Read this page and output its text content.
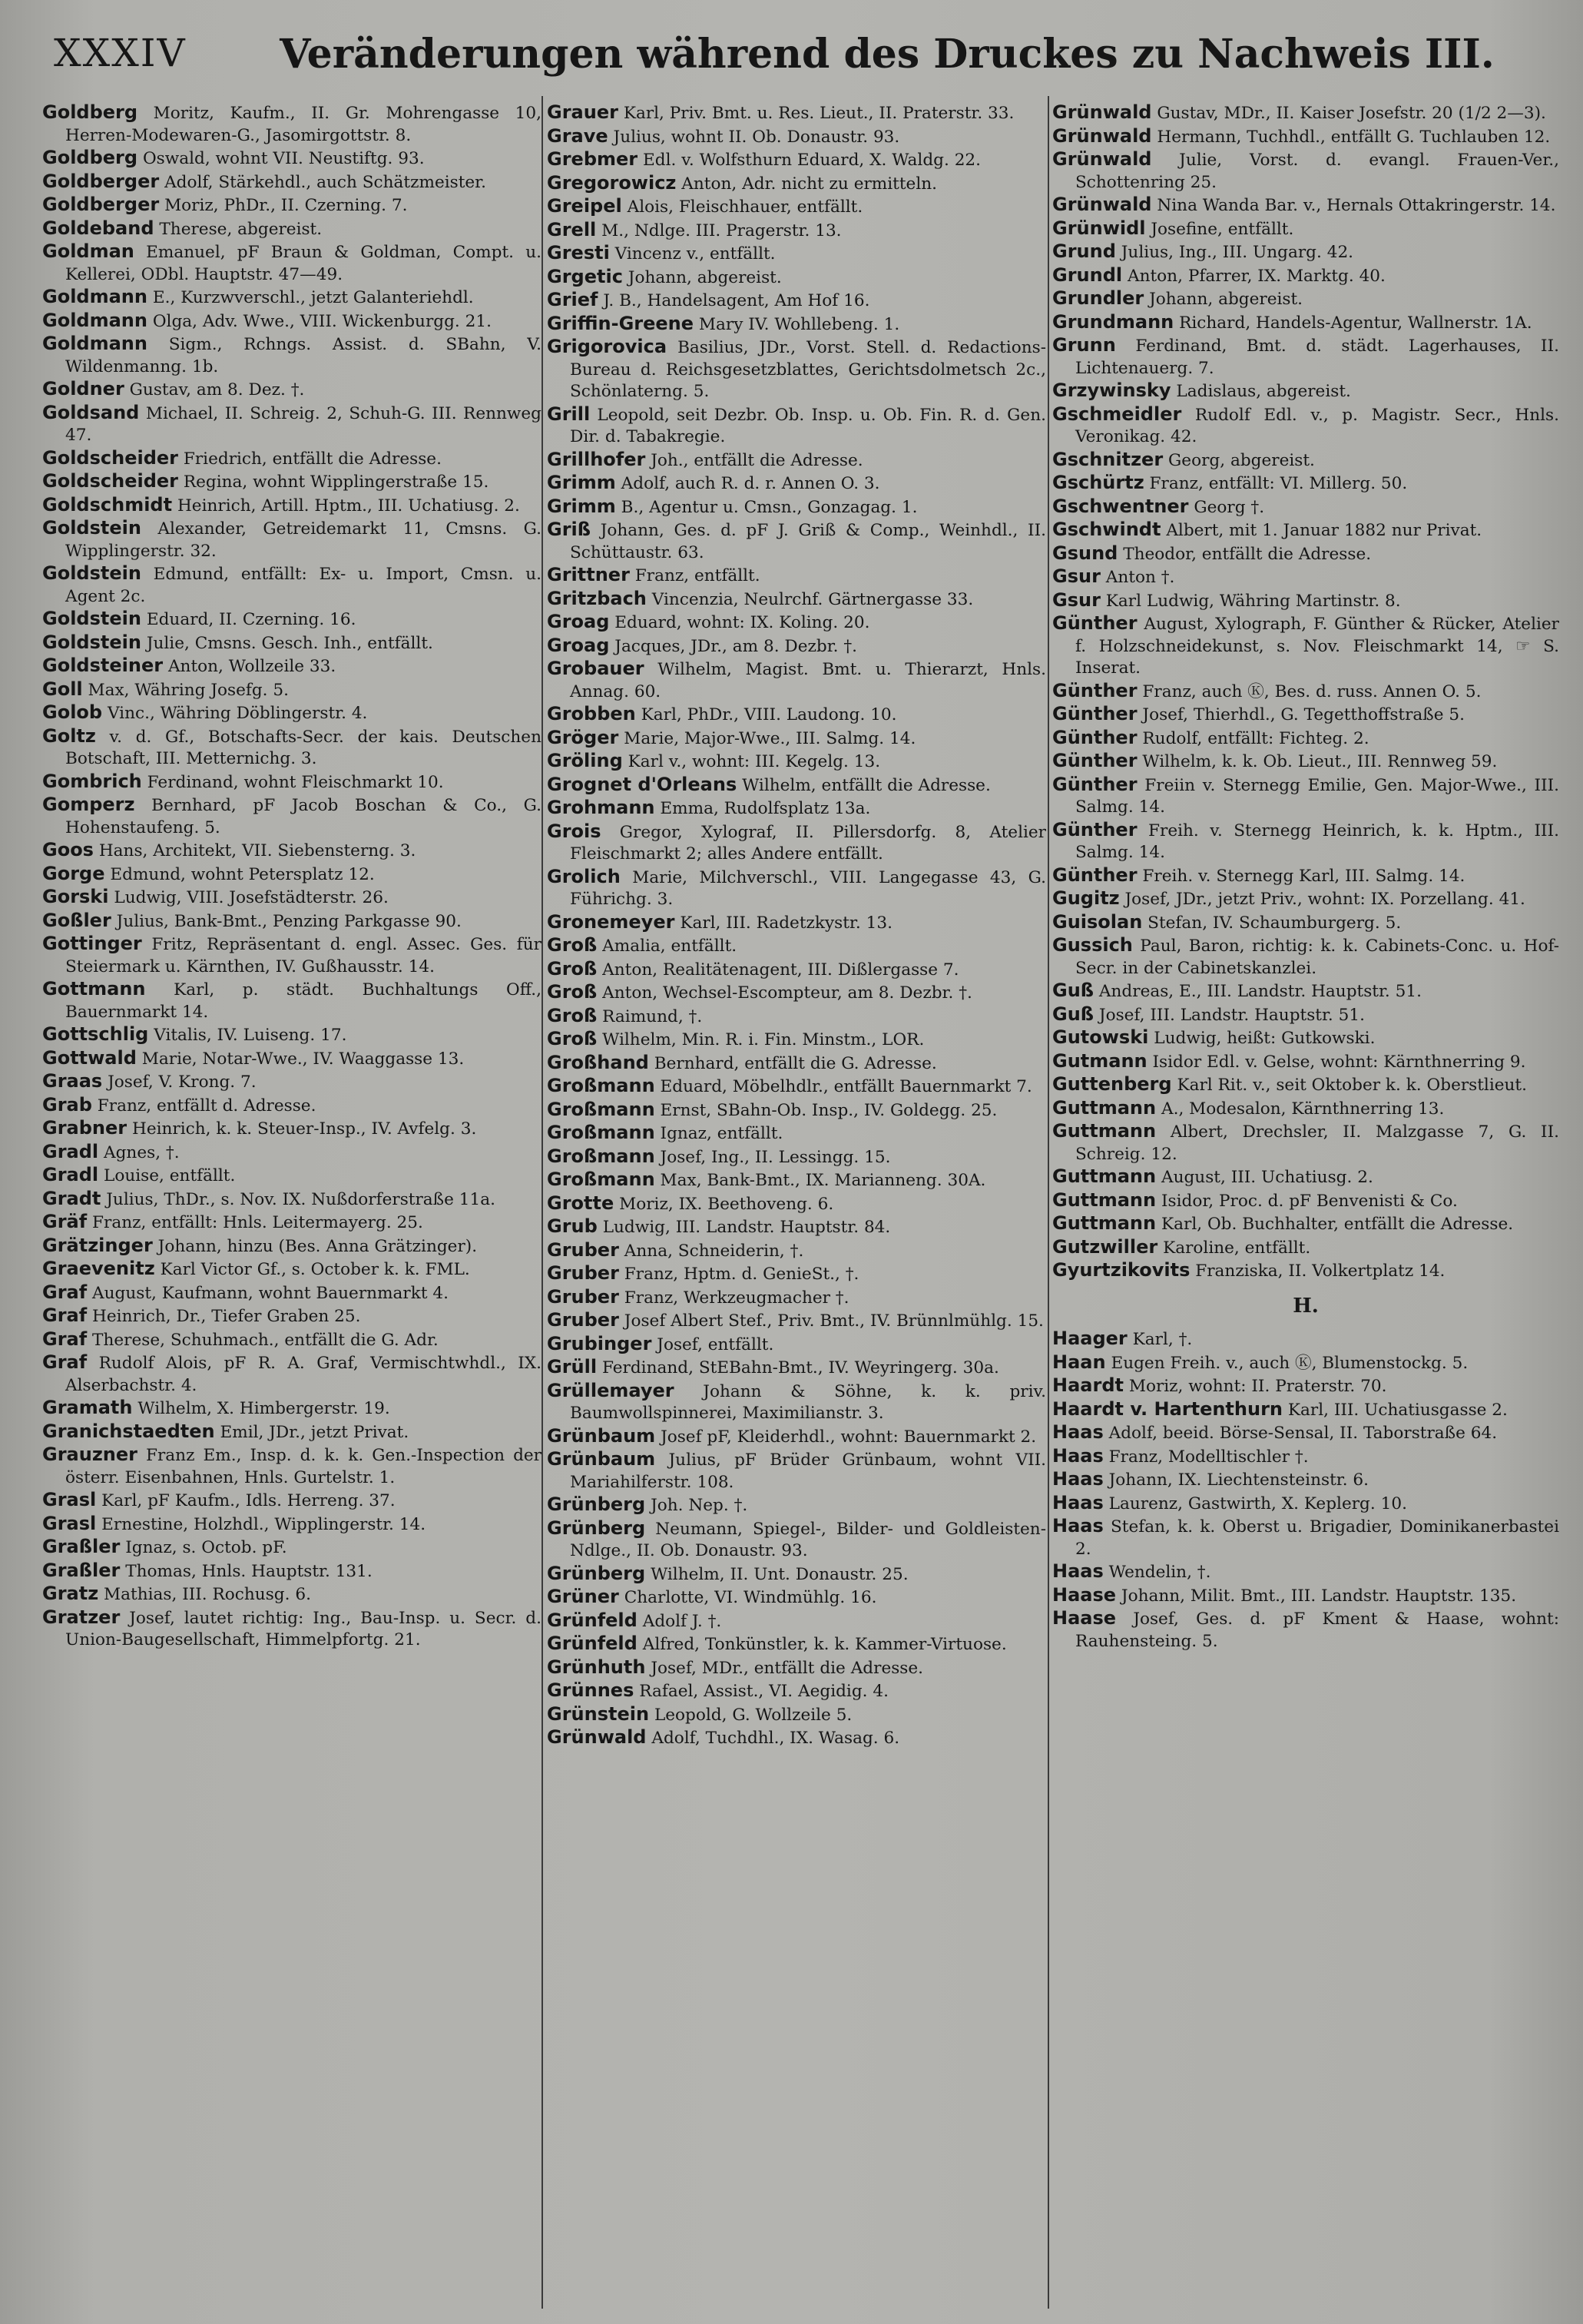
XXXIV	Veränderungen während des Druckes zu Nachweis III.

Goldberg Moritz, Kaufm., II. Gr. Mohrengasse 10, Herren-Modewaren-G., Jasomirgottstr. 8.

Goldberg Oswald, wohnt VII. Neustiftg. 93.

Goldberger Adolf, Stärkehdl., auch Schätzmeister.

Goldberger Moriz, PhDr., II. Czerning. 7.

Goldeband Therese, abgereist.

Goldman Emanuel, pF Braun & Goldman, Compt. u. Kellerei, ODbl. Hauptstr. 47—49.

Goldmann E., Kurzwverschl., jetzt Galanteriehdl.

Goldmann Olga, Adv. Wwe., VIII. Wickenburgg. 21.

Goldmann Sigm., Rchngs. Assist. d. SBahn, V. Wildenmanng. 1b.

Goldner Gustav, am 8. Dez. †.

Goldsand Michael, II. Schreig. 2, Schuh-G. III. Rennweg 47.

Goldscheider Friedrich, entfällt die Adresse.

Goldscheider Regina, wohnt Wipplingerstraße 15.

Goldschmidt Heinrich, Artill. Hptm., III. Uchatiusg. 2.

Goldstein Alexander, Getreidemarkt 11, Cmsns. G. Wipplingerstr. 32.

Goldstein Edmund, entfällt: Ex- u. Import, Cmsn. u. Agent 2c.

Goldstein Eduard, II. Czerning. 16.

Goldstein Julie, Cmsns. Gesch. Inh., entfällt.

Goldsteiner Anton, Wollzeile 33.

Goll Max, Währing Josefg. 5.

Golob Vinc., Währing Döblingerstr. 4.

Goltz v. d. Gf., Botschafts-Secr. der kais. Deutschen Botschaft, III. Metternichg. 3.

Gombrich Ferdinand, wohnt Fleischmarkt 10.

Gomperz Bernhard, pF Jacob Boschan & Co., G. Hohenstaufeng. 5.

Goos Hans, Architekt, VII. Siebensterng. 3.

Gorge Edmund, wohnt Petersplatz 12.

Gorski Ludwig, VIII. Josefstädterstr. 26.

Goßler Julius, Bank-Bmt., Penzing Parkgasse 90.

Gottinger Fritz, Repräsentant d. engl. Assec. Ges. für Steiermark u. Kärnthen, IV. Gußhausstr. 14.

Gottmann Karl, p. städt. Buchhaltungs Off., Bauernmarkt 14.

Gottschlig Vitalis, IV. Luiseng. 17.

Gottwald Marie, Notar-Wwe., IV. Waaggasse 13.

Graas Josef, V. Krong. 7.

Grab Franz, entfällt d. Adresse.

Grabner Heinrich, k. k. Steuer-Insp., IV. Avfelg. 3.

Gradl Agnes, †.

Gradl Louise, entfällt.

Gradt Julius, ThDr., s. Nov. IX. Nußdorferstraße 11a.

Gräf Franz, entfällt: Hnls. Leitermayerg. 25.

Grätzinger Johann, hinzu (Bes. Anna Grätzinger).

Graevenitz Karl Victor Gf., s. October k. k. FML.

Graf August, Kaufmann, wohnt Bauernmarkt 4.

Graf Heinrich, Dr., Tiefer Graben 25.

Graf Therese, Schuhmach., entfällt die G. Adr.

Graf Rudolf Alois, pF R. A. Graf, Vermischtwhdl., IX. Alserbachstr. 4.

Gramath Wilhelm, X. Himbergerstr. 19.

Granichstaedten Emil, JDr., jetzt Privat.

Grauzner Franz Em., Insp. d. k. k. Gen.-Inspection der österr. Eisenbahnen, Hnls. Gurtelstr. 1.

Grasl Karl, pF Kaufm., Idls. Herreng. 37.

Grasl Ernestine, Holzhdl., Wipplingerstr. 14.

Graßler Ignaz, s. Octob. pF.

Graßler Thomas, Hnls. Hauptstr. 131.

Gratz Mathias, III. Rochusg. 6.

Gratzer Josef, lautet richtig: Ing., Bau-Insp. u. Secr. d. Union-Baugesellschaft, Himmelpfortg. 21.

Grauer Karl, Priv. Bmt. u. Res. Lieut., II. Praterstr. 33.

Grave Julius, wohnt II. Ob. Donaustr. 93.

Grebmer Edl. v. Wolfsthurn Eduard, X. Waldg. 22.

Gregorowicz Anton, Adr. nicht zu ermitteln.

Greipel Alois, Fleischhauer, entfällt.

Grell M., Ndlge. III. Pragerstr. 13.

Gresti Vincenz v., entfällt.

Grgetic Johann, abgereist.

Grief J. B., Handelsagent, Am Hof 16.

Griffin-Greene Mary IV. Wohllebeng. 1.

Grigorovica Basilius, JDr., Vorst. Stell. d. Redactions-Bureau d. Reichsgesetzblattes, Gerichtsdolmetsch 2c., Schönlaterng. 5.

Grill Leopold, seit Dezbr. Ob. Insp. u. Ob. Fin. R. d. Gen. Dir. d. Tabakregie.

Grillhofer Joh., entfällt die Adresse.

Grimm Adolf, auch R. d. r. Annen O. 3.

Grimm B., Agentur u. Cmsn., Gonzagag. 1.

Griß Johann, Ges. d. pF J. Griß & Comp., Weinhdl., II. Schüttaustr. 63.

Grittner Franz, entfällt.

Gritzbach Vincenzia, Neulrchf. Gärtnergasse 33.

Groag Eduard, wohnt: IX. Koling. 20.

Groag Jacques, JDr., am 8. Dezbr. †.

Grobauer Wilhelm, Magist. Bmt. u. Thierarzt, Hnls. Annag. 60.

Grobben Karl, PhDr., VIII. Laudong. 10.

Gröger Marie, Major-Wwe., III. Salmg. 14.

Gröling Karl v., wohnt: III. Kegelg. 13.

Grognet d'Orleans Wilhelm, entfällt die Adresse.

Grohmann Emma, Rudolfsplatz 13a.

Grois Gregor, Xylograf, II. Pillersdorfg. 8, Atelier Fleischmarkt 2; alles Andere entfällt.

Grolich Marie, Milchverschl., VIII. Langegasse 43, G. Führichg. 3.

Gronemeyer Karl, III. Radetzkystr. 13.

Groß Amalia, entfällt.

Groß Anton, Realitätenagent, III. Dißlergasse 7.

Groß Anton, Wechsel-Escompteur, am 8. Dezbr. †.

Groß Raimund, †.

Groß Wilhelm, Min. R. i. Fin. Minstm., LOR.

Großhand Bernhard, entfällt die G. Adresse.

Großmann Eduard, Möbelhdlr., entfällt Bauernmarkt 7.

Großmann Ernst, SBahn-Ob. Insp., IV. Goldegg. 25.

Großmann Ignaz, entfällt.

Großmann Josef, Ing., II. Lessingg. 15.

Großmann Max, Bank-Bmt., IX. Marianneng. 30A.

Grotte Moriz, IX. Beethoveng. 6.

Grub Ludwig, III. Landstr. Hauptstr. 84.

Gruber Anna, Schneiderin, †.

Gruber Franz, Hptm. d. GenieSt., †.

Gruber Franz, Werkzeugmacher †.

Gruber Josef Albert Stef., Priv. Bmt., IV. Brünnlmühlg. 15.

Grubinger Josef, entfällt.

Grüll Ferdinand, StEBahn-Bmt., IV. Weyringerg. 30a.

Grüllemayer Johann & Söhne, k. k. priv. Baumwollspinnerei, Maximilianstr. 3.

Grünbaum Josef pF, Kleiderhdl., wohnt: Bauernmarkt 2.

Grünbaum Julius, pF Brüder Grünbaum, wohnt VII. Mariahilferstr. 108.

Grünberg Joh. Nep. †.

Grünberg Neumann, Spiegel-, Bilder- und Goldleisten-Ndlge., II. Ob. Donaustr. 93.

Grünberg Wilhelm, II. Unt. Donaustr. 25.

Grüner Charlotte, VI. Windmühlg. 16.

Grünfeld Adolf J. †.

Grünfeld Alfred, Tonkünstler, k. k. Kammer-Virtuose.

Grünhuth Josef, MDr., entfällt die Adresse.

Grünnes Rafael, Assist., VI. Aegidig. 4.

Grünstein Leopold, G. Wollzeile 5.

Grünwald Adolf, Tuchdhl., IX. Wasag. 6.

Grünwald Gustav, MDr., II. Kaiser Josefstr. 20 (1/2 2—3).

Grünwald Hermann, Tuchhdl., entfällt G. Tuchlauben 12.

Grünwald Julie, Vorst. d. evangl. Frauen-Ver., Schottenring 25.

Grünwald Nina Wanda Bar. v., Hernals Ottakringerstr. 14.

Grünwidl Josefine, entfällt.

Grund Julius, Ing., III. Ungarg. 42.

Grundl Anton, Pfarrer, IX. Marktg. 40.

Grundler Johann, abgereist.

Grundmann Richard, Handels-Agentur, Wallnerstr. 1A.

Grunn Ferdinand, Bmt. d. städt. Lagerhauses, II. Lichtenauerg. 7.

Grzywinsky Ladislaus, abgereist.

Gschmeidler Rudolf Edl. v., p. Magistr. Secr., Hnls. Veronikag. 42.

Gschnitzer Georg, abgereist.

Gschürtz Franz, entfällt: VI. Millerg. 50.

Gschwentner Georg †.

Gschwindt Albert, mit 1. Januar 1882 nur Privat.

Gsund Theodor, entfällt die Adresse.

Gsur Anton †.

Gsur Karl Ludwig, Währing Martinstr. 8.

Günther August, Xylograph, F. Günther & Rücker, Atelier f. Holzschneidekunst, s. Nov. Fleischmarkt 14, ☞ S. Inserat.

Günther Franz, auch Ⓚ, Bes. d. russ. Annen O. 5.

Günther Josef, Thierhdl., G. Tegetthoffstraße 5.

Günther Rudolf, entfällt: Fichteg. 2.

Günther Wilhelm, k. k. Ob. Lieut., III. Rennweg 59.

Günther Freiin v. Sternegg Emilie, Gen. Major-Wwe., III. Salmg. 14.

Günther Freih. v. Sternegg Heinrich, k. k. Hptm., III. Salmg. 14.

Günther Freih. v. Sternegg Karl, III. Salmg. 14.

Gugitz Josef, JDr., jetzt Priv., wohnt: IX. Porzellang. 41.

Guisolan Stefan, IV. Schaumburgerg. 5.

Gussich Paul, Baron, richtig: k. k. Cabinets-Conc. u. Hof-Secr. in der Cabinetskanzlei.

Guß Andreas, E., III. Landstr. Hauptstr. 51.

Guß Josef, III. Landstr. Hauptstr. 51.

Gutowski Ludwig, heißt: Gutkowski.

Gutmann Isidor Edl. v. Gelse, wohnt: Kärnthnerring 9.

Guttenberg Karl Rit. v., seit Oktober k. k. Oberstlieut.

Guttmann A., Modesalon, Kärnthnerring 13.

Guttmann Albert, Drechsler, II. Malzgasse 7, G. II. Schreig. 12.

Guttmann August, III. Uchatiusg. 2.

Guttmann Isidor, Proc. d. pF Benvenisti & Co.

Guttmann Karl, Ob. Buchhalter, entfällt die Adresse.

Gutzwiller Karoline, entfällt.

Gyurtzikovits Franziska, II. Volkertplatz 14.

H.

Haager Karl, †.

Haan Eugen Freih. v., auch Ⓚ, Blumenstockg. 5.

Haardt Moriz, wohnt: II. Praterstr. 70.

Haardt v. Hartenthurn Karl, III. Uchatiusgasse 2.

Haas Adolf, beeid. Börse-Sensal, II. Taborstraße 64.

Haas Franz, Modelltischler †.

Haas Johann, IX. Liechtensteinstr. 6.

Haas Laurenz, Gastwirth, X. Keplerg. 10.

Haas Stefan, k. k. Oberst u. Brigadier, Dominikanerbastei 2.

Haas Wendelin, †.

Haase Johann, Milit. Bmt., III. Landstr. Hauptstr. 135.

Haase Josef, Ges. d. pF Kment & Haase, wohnt: Rauhensteing. 5.
